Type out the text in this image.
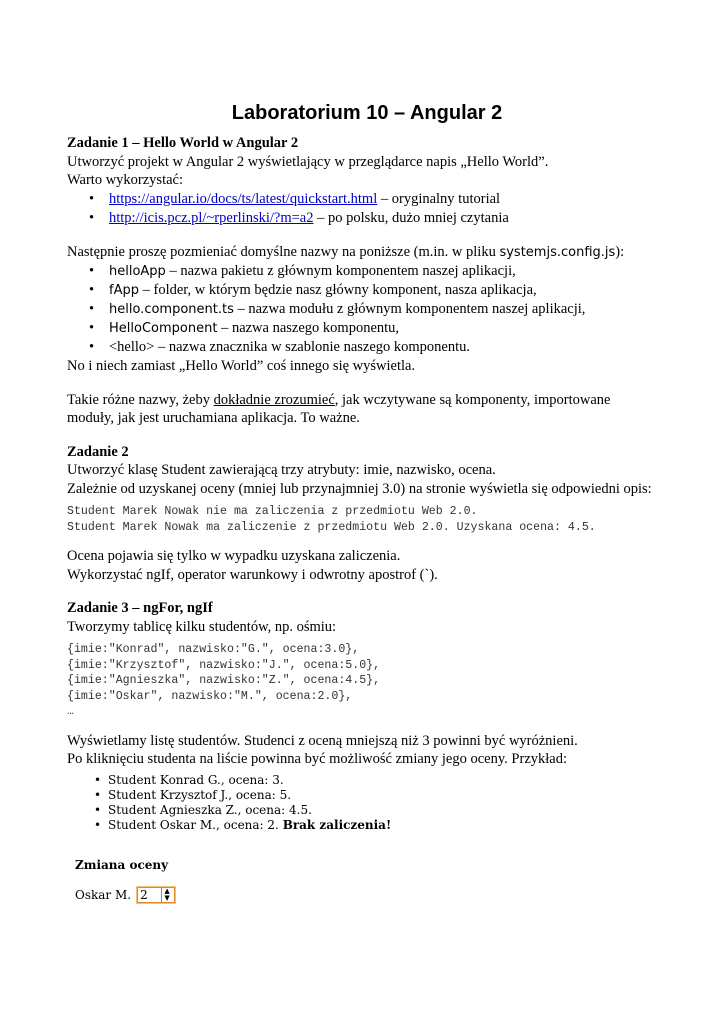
Laboratorium 10 – Angular 2
Zadanie 1 – Hello World w Angular 2
Utworzyć projekt w Angular 2 wyświetlający w przeglądarce napis „Hello World”.
Warto wykorzystać:
• https://angular.io/docs/ts/latest/quickstart.html – oryginalny tutorial
• http://icis.pcz.pl/~rperlinski/?m=a2 – po polsku, dużo mniej czytania
Następnie proszę pozmieniać domyślne nazwy na poniższe (m.in. w pliku systemjs.config.js):
• helloApp – nazwa pakietu z głównym komponentem naszej aplikacji,
• fApp – folder, w którym będzie nasz główny komponent, nasza aplikacja,
• hello.component.ts – nazwa modułu z głównym komponentem naszej aplikacji,
• HelloComponent – nazwa naszego komponentu,
• <hello> – nazwa znacznika w szablonie naszego komponentu.
No i niech zamiast „Hello World” coś innego się wyświetla.
Takie różne nazwy, żeby dokładnie zrozumieć, jak wczytywane są komponenty, importowane
moduły, jak jest uruchamiana aplikacja. To ważne.
Zadanie 2
Utworzyć klasę Student zawierającą trzy atrybuty: imie, nazwisko, ocena.
Zależnie od uzyskanej oceny (mniej lub przynajmniej 3.0) na stronie wyświetla się odpowiedni opis:
Student Marek Nowak nie ma zaliczenia z przedmiotu Web 2.0.
Student Marek Nowak ma zaliczenie z przedmiotu Web 2.0. Uzyskana ocena: 4.5.
Ocena pojawia się tylko w wypadku uzyskana zaliczenia.
Wykorzystać ngIf, operator warunkowy i odwrotny apostrof (`).
Zadanie 3 – ngFor, ngIf
Tworzymy tablicę kilku studentów, np. ośmiu:
{imie:"Konrad", nazwisko:"G.", ocena:3.0},
{imie:"Krzysztof", nazwisko:"J.", ocena:5.0},
{imie:"Agnieszka", nazwisko:"Z.", ocena:4.5},
{imie:"Oskar", nazwisko:"M.", ocena:2.0},
…
Wyświetlamy listę studentów. Studenci z oceną mniejszą niż 3 powinni być wyróżnieni.
Po kliknięciu studenta na liście powinna być możliwość zmiany jego oceny. Przykład:
• Student Konrad G., ocena: 3.
• Student Krzysztof J., ocena: 5.
• Student Agnieszka Z., ocena: 4.5.
• Student Oskar M., ocena: 2. Brak zaliczenia!
Zmiana oceny
Oskar M. 2	▲
▼
